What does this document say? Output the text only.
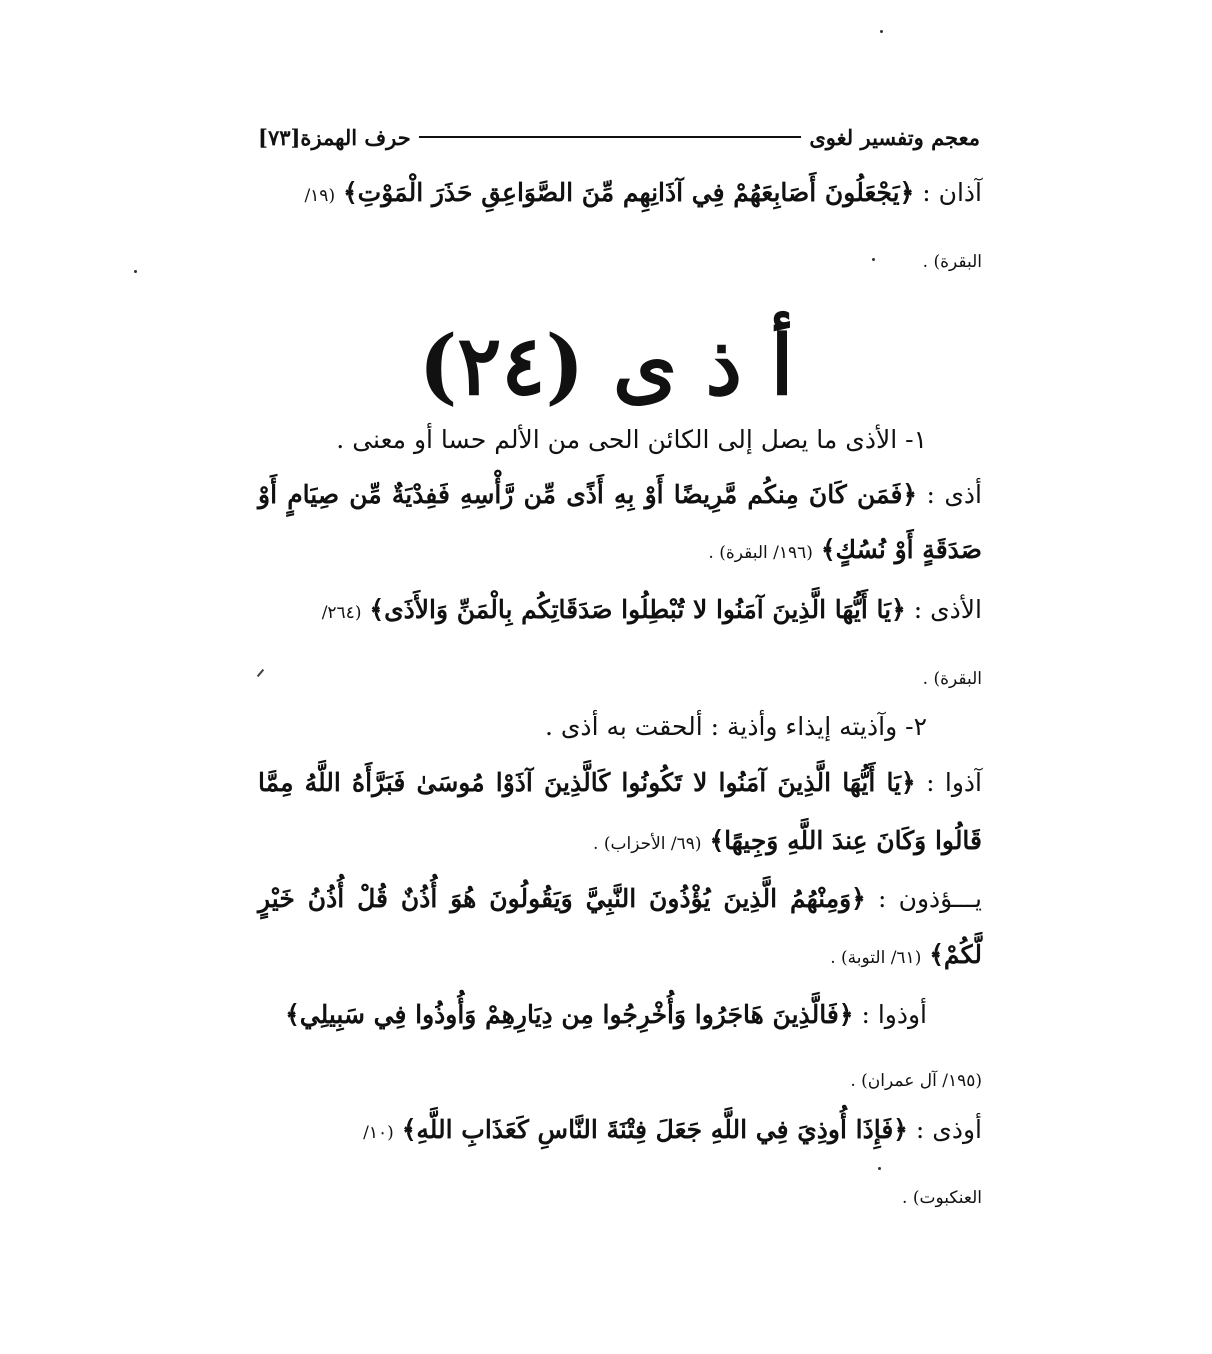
معجم وتفسير لغوى
حرف الهمزة[٧٣]
آذان : ﴿يَجْعَلُونَ أَصَابِعَهُمْ فِي آذَانِهِم مِّنَ الصَّوَاعِقِ حَذَرَ الْمَوْتِ﴾ (١٩/
البقرة) .
أ ذ ى (٢٤)
١- الأذى ما يصل إلى الكائن الحى من الألم حسا أو معنى .
أذى : ﴿فَمَن كَانَ مِنكُم مَّرِيضًا أَوْ بِهِ أَذًى مِّن رَّأْسِهِ فَفِدْيَةٌ مِّن صِيَامٍ أَوْ
صَدَقَةٍ أَوْ نُسُكٍ﴾ (١٩٦/ البقرة) .
الأذى : ﴿يَا أَيُّهَا الَّذِينَ آمَنُوا لا تُبْطِلُوا صَدَقَاتِكُم بِالْمَنِّ وَالأَذَى﴾ (٢٦٤/
البقرة) .
٢- وآذيته إيذاء وأذية : ألحقت به أذى .
آذوا : ﴿يَا أَيُّهَا الَّذِينَ آمَنُوا لا تَكُونُوا كَالَّذِينَ آذَوْا مُوسَىٰ فَبَرَّأَهُ اللَّهُ مِمَّا
قَالُوا وَكَانَ عِندَ اللَّهِ وَجِيهًا﴾ (٦٩/ الأحزاب) .
يـــؤذون : ﴿وَمِنْهُمُ الَّذِينَ يُؤْذُونَ النَّبِيَّ وَيَقُولُونَ هُوَ أُذُنٌ قُلْ أُذُنُ خَيْرٍ
لَّكُمْ﴾ (٦١/ التوبة) .
أوذوا : ﴿فَالَّذِينَ هَاجَرُوا وَأُخْرِجُوا مِن دِيَارِهِمْ وَأُوذُوا فِي سَبِيلِي﴾
(١٩٥/ آل عمران) .
أوذى : ﴿فَإِذَا أُوذِيَ فِي اللَّهِ جَعَلَ فِتْنَةَ النَّاسِ كَعَذَابِ اللَّهِ﴾ (١٠/
العنكبوت) .
